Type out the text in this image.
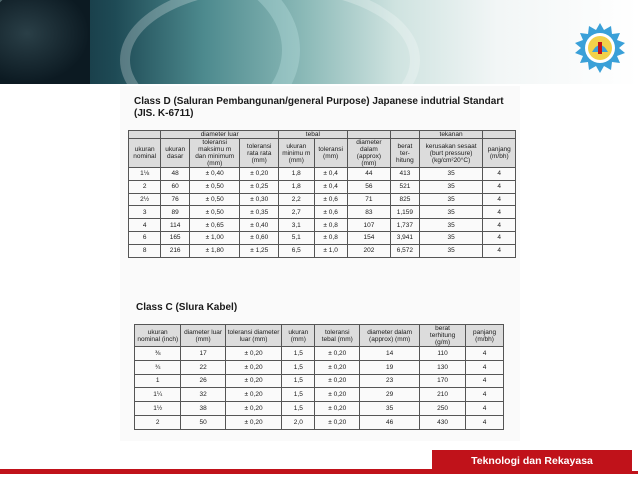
Class D (Saluran Pembangunan/general Purpose) Japanese indutrial Standart (JIS. K-6711)
	diameter luar			tebal				tekanan	
ukuran nominal	ukuran dasar	toleransi maksimu m dan minimum (mm)	toleransi rata rata (mm)	ukuran minimu m (mm)	toleransi (mm)	diameter dalam (approx) (mm)	berat ter- hitung	kerusakan sesaat (burt pressure) (kg/cm²20°C)	panjang (m/bh)
1⅛	48	± 0,40	± 0,20	1,8	± 0,4	44	413	35	4
2	60	± 0,50	± 0,25	1,8	± 0,4	56	521	35	4
2½	76	± 0,50	± 0,30	2,2	± 0,6	71	825	35	4
3	89	± 0,50	± 0,35	2,7	± 0,6	83	1,159	35	4
4	114	± 0,65	± 0,40	3,1	± 0,8	107	1,737	35	4
6	165	± 1,00	± 0,60	5,1	± 0,8	154	3,941	35	4
8	216	± 1,80	± 1,25	6,5	± 1,0	202	6,572	35	4
Class C (Slura Kabel)
ukuran nominal (inch)	diameter luar (mm)	toleransi diameter luar (mm)	ukuran (mm)	toleransi tebal (mm)	diameter dalam (approx) (mm)	berat terhitung (g/m)	panjang (m/bh)
⅜	17	± 0,20	1,5	± 0,20	14	110	4
¾	22	± 0,20	1,5	± 0,20	19	130	4
1	26	± 0,20	1,5	± 0,20	23	170	4
1¼	32	± 0,20	1,5	± 0,20	29	210	4
1½	38	± 0,20	1,5	± 0,20	35	250	4
2	50	± 0,20	2,0	± 0,20	46	430	4
Teknologi dan Rekayasa
